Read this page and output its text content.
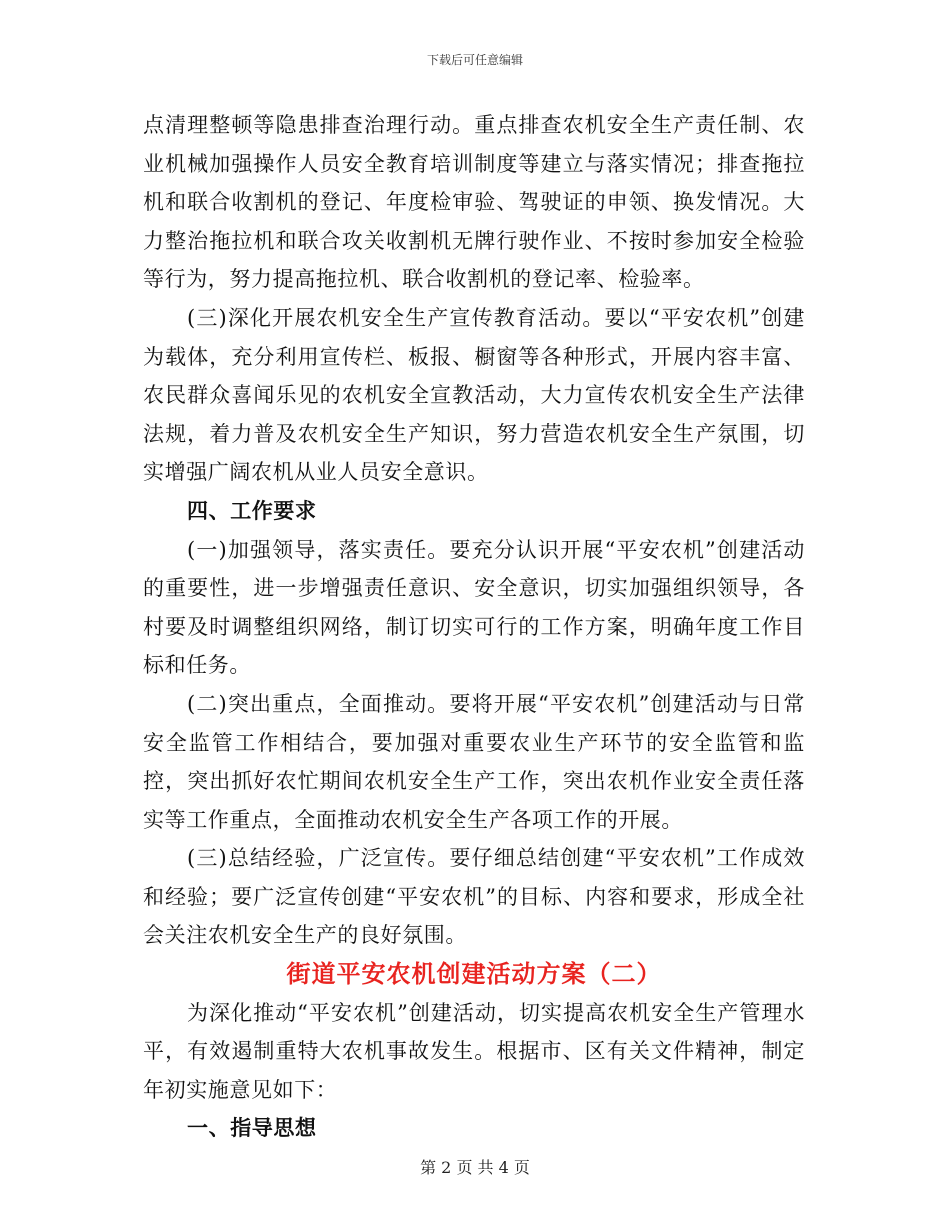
下载后可任意编辑

点清理整顿等隐患排查治理行动。重点排查农机安全生产责任制、农业机械加强操作人员安全教育培训制度等建立与落实情况；排查拖拉机和联合收割机的登记、年度检审验、驾驶证的申领、换发情况。大力整治拖拉机和联合攻关收割机无牌行驶作业、不按时参加安全检验等行为，努力提高拖拉机、联合收割机的登记率、检验率。

(三)深化开展农机安全生产宣传教育活动。要以“平安农机”创建为载体，充分利用宣传栏、板报、橱窗等各种形式，开展内容丰富、农民群众喜闻乐见的农机安全宣教活动，大力宣传农机安全生产法律法规，着力普及农机安全生产知识，努力营造农机安全生产氛围，切实增强广阔农机从业人员安全意识。

四、工作要求

(一)加强领导，落实责任。要充分认识开展“平安农机”创建活动的重要性，进一步增强责任意识、安全意识，切实加强组织领导，各村要及时调整组织网络，制订切实可行的工作方案，明确年度工作目标和任务。

(二)突出重点，全面推动。要将开展“平安农机”创建活动与日常安全监管工作相结合，要加强对重要农业生产环节的安全监管和监控，突出抓好农忙期间农机安全生产工作，突出农机作业安全责任落实等工作重点，全面推动农机安全生产各项工作的开展。

(三)总结经验，广泛宣传。要仔细总结创建“平安农机”工作成效和经验；要广泛宣传创建“平安农机”的目标、内容和要求，形成全社会关注农机安全生产的良好氛围。

街道平安农机创建活动方案（二）

为深化推动“平安农机”创建活动，切实提高农机安全生产管理水平，有效遏制重特大农机事故发生。根据市、区有关文件精神，制定年初实施意见如下：

一、指导思想

第 2 页 共 4 页
